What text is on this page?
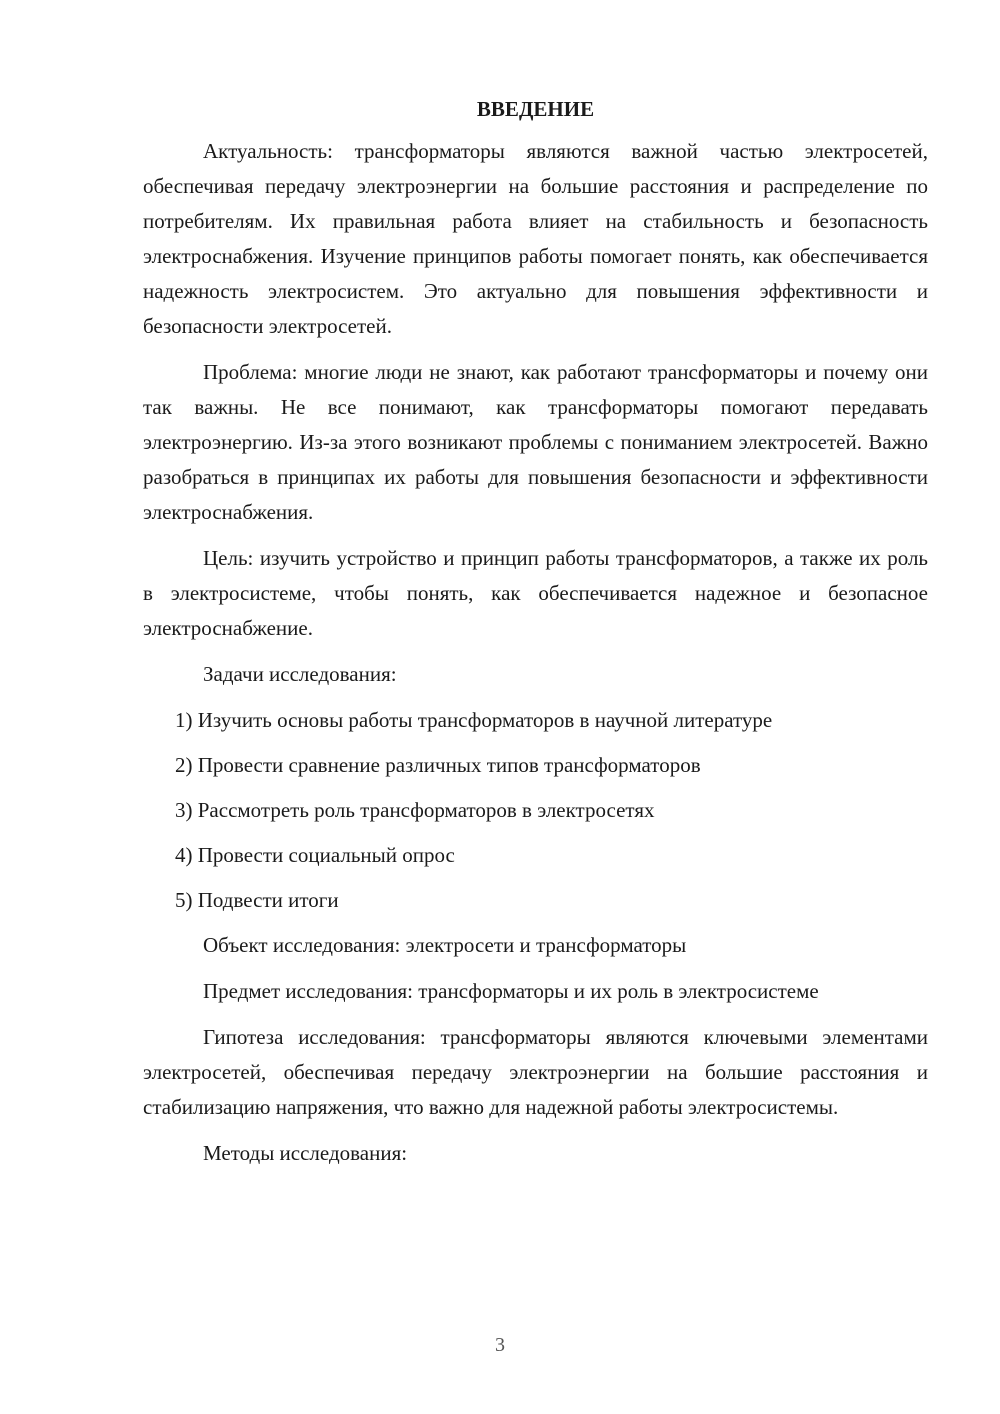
ВВЕДЕНИЕ

Актуальность: трансформаторы являются важной частью электросетей, обеспечивая передачу электроэнергии на большие расстояния и распределение по потребителям. Их правильная работа влияет на стабильность и безопасность электроснабжения. Изучение принципов работы помогает понять, как обеспечивается надежность электросистем. Это актуально для повышения эффективности и безопасности электросетей.

Проблема: многие люди не знают, как работают трансформаторы и почему они так важны. Не все понимают, как трансформаторы помогают передавать электроэнергию. Из-за этого возникают проблемы с пониманием электросетей. Важно разобраться в принципах их работы для повышения безопасности и эффективности электроснабжения.

Цель: изучить устройство и принцип работы трансформаторов, а также их роль в электросистеме, чтобы понять, как обеспечивается надежное и безопасное электроснабжение.

Задачи исследования:

1) Изучить основы работы трансформаторов в научной литературе
2) Провести сравнение различных типов трансформаторов
3) Рассмотреть роль трансформаторов в электросетях
4) Провести социальный опрос
5) Подвести итоги

Объект исследования: электросети и трансформаторы

Предмет исследования: трансформаторы и их роль в электросистеме

Гипотеза исследования: трансформаторы являются ключевыми элементами электросетей, обеспечивая передачу электроэнергии на большие расстояния и стабилизацию напряжения, что важно для надежной работы электросистемы.

Методы исследования:

3
